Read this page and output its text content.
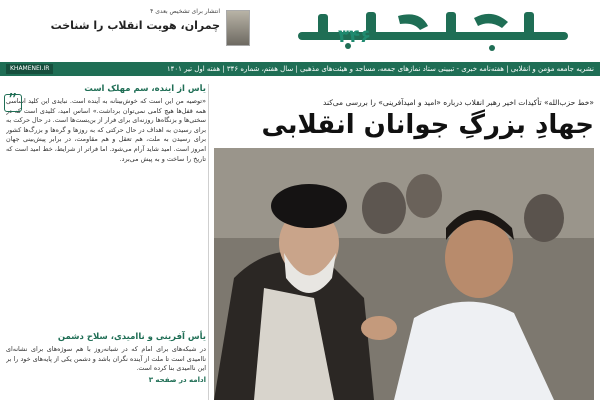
۳۴۶
انتشار برای تشخیص بعدی ۴
چمران، هویت انقلاب را شناخت
نشریه جامعه مؤمن و انقلابی | هفته‌نامه خبری - تبیینی ستاد نمازهای جمعه، مساجد و هیئت‌های مذهبی | سال هفتم، شماره ۳۴۶ | هفته اول تیر ۱۴۰۱
KHAMENEI.IR
یأس از آینده، سم مهلک است
«توصیه من این است که خوش‌بینانه به آینده است. نبایدی این کلید اساسی همه قفل‌ها هیچ کامی نمی‌توان برداشت.» اساس امید، کلیدی است که در سختی‌ها و بزنگاه‌ها روزنه‌ای برای فرار از بن‌بست‌ها است. در حال حرکت به برای رسیدن به اهداف در حال حرکتی که به روزها و گره‌ها و بزرگ‌ها کشور برای رسیدن به ملت، هم تعقل و هم مقاومت، در برابر پیش‌بینی جهان امروز است. امید شاید آرام می‌شود. اما فراتر از شرایط، خط امید است که تاریخ را ساخت و به پیش می‌برد.
یأس آفرینی و ناامیدی، سلاح دشمن
در شبکه‌های برای امام که در شبانه‌روز با هم سوژه‌های برای نشانه‌ای ناامیدی است تا ملت از آینده نگران باشد و دشمن یکی از پایه‌های خود را بر این ناامیدی بنا کرده است.
ادامه در صفحه ۳
”
«خط حزب‌الله» تأکیدات اخیر رهبر انقلاب درباره «امید و امیدآفرینی» را بررسی می‌کند
جهادِ بزرگِ جوانان انقلابی
